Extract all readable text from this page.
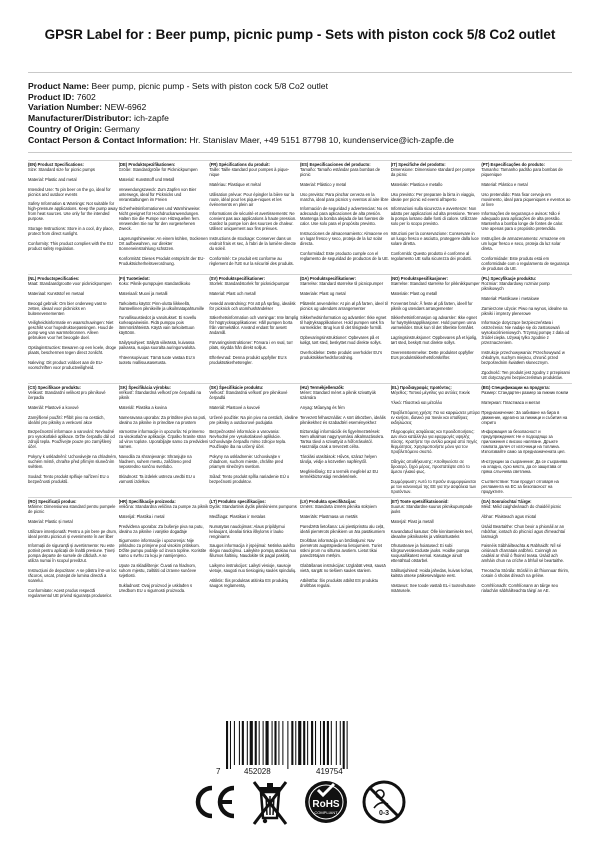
GPSR Label for : Beer pump, picnic pump - Sets with piston cock 5/8 Co2 outlet
Product Name: Beer pump, picnic pump - Sets with piston cock 5/8 Co2 outlet
Product ID: 7602
Variation Number: NEW-6962
Manufacturer/Distributor: ich-zapfe
Country of Origin: Germany
Contact Person & Contact Information: Hr. Stanislav Maer, +49 5151 87798 10, kundenservice@ich-zapfe.de
(EN) Product Specifications:

Size: Standard size for picnic pumps

Material: Plastic and metal

Intended Use: To pin beer on the go, ideal for picnics and outdoor events

Safety Information & Warnings: Not suitable for high-pressure applications. Keep the pump away from heat sources. Use only for the intended purpose.

Storage Instructions: Store in a cool, dry place, protect from direct sunlight.

Conformity: This product complies with the EU product safety regulation.

(DE) Produktspezifikationen:

Größe: Standardgröße für Picknickpumpen

Material: Kunststoff und Metall

Verwendungszweck: Zum Zapfen von Bier unterwegs, ideal für Picknicks und Veranstaltungen im Freien

Sicherheitsinformationen und Warnhinweise: Nicht geeignet für Hochdruckanwendungen. Halten Sie die Pumpe von Hitzequellen fern. Verwenden Sie nur für den vorgesehenen Zweck.

Lagerungshinweise: An einem kühlen, trockenen Ort aufbewahren, vor direkter Sonneneinstrahlung schützen.

Konformität: Dieses Produkt entspricht der EU-Produktsicherheitsverordnung.

(FR) Spécifications du produit:

Taille: Taille standard pour pompes à pique-nique

Matériau: Plastique et métal

Utilisation prévue: Pour épingler la bière sur la route, idéal pour les pique-niques et les événements en plein air

Informations de sécurité et avertissements: Ne convient pas aux applications à haute pression. Gardez la pompe loin des sources de chaleur. Utilisez uniquement aux fins prévues.

Instructions de stockage: Conserver dans un endroit frais et sec, à l'abri de la lumière directe du soleil.

Conformité: Ce produit est conforme au règlement de l'UE sur la sécurité des produits.

(ES) Especificaciones del producto:

Tamaño: Tamaño estándar para bombas de picnic

Material: Plástico y metal

Uso previsto: Para pinchar cerveza en la marcha, ideal para picnics y eventos al aire libre

Información de seguridad y advertencias: No es adecuado para aplicaciones de alta presión. Mantenga la bomba alejada de las fuentes de calor. Use solo para el propósito previsto.

Instrucciones de almacenamiento: Almacene en un lugar fresco y seco, proteja de la luz solar directa.

Conformidad: Este producto cumple con el reglamento de seguridad de productos de la UE.

(IT) Specifiche del prodotto:

Dimensione: Dimensione standard per pompe da picnic

Materiale: Plastica e metallo

Uso previsto: Per preparare la birra in viaggio, ideale per picnic ed eventi all'aperto

Informazioni sulla sicurezza e avvertenze: Non adatto per applicazioni ad alta pressione. Tenere la pompa lontano dalle fonti di calore. Utilizzare solo per lo scopo previsto.

Istruzioni per la conservazione: Conservare in un luogo fresco e asciutto, proteggere dalla luce solare diretta.

Conformità: Questo prodotto è conforme al regolamento UE sulla sicurezza dei prodotti.

(PT) Especificações do produto:

Tamanho: Tamanho padrão para bombas de piquenique

Material: Plástico e metal

Uso pretendido: Para fixar cerveja em movimento, ideal para piqueniques e eventos ao ar livre

Informações de segurança e avisos: Não é adequado para aplicações de alta pressão. Mantenha a bomba longe de fontes de calor. Use apenas para o propósito pretendido.

Instruções de armazenamento: Armazene em um lugar fresco e seco, proteja da luz solar direta.

Conformidade: Este produto está em conformidade com o regulamento de segurança de produtos da UE.

(NL) Productspecificaties:

Maat: Standaardgrootte voor picknickpompen

Materiaal: Kunststof en metaal

Beoogd gebruik: Om bier onderweg vast te zetten, ideaal voor picknicks en buitenevenementen

Veiligheidsinformatie en waarschuwingen: Niet geschikt voor hogedruktoepassingen. Houd de pomp weg van warmtebronnen. Alleen gebruiken voor het beoogde doel.

Opslaginstructies: Bewaren op een koele, droge plaats, beschermen tegen direct zonlicht.

Naleving: Dit product voldoet aan de EU-voorschriften voor productveiligheid.

(FI) Tuotetiedot:

Koko: Piknik-pumppujen standardikoko

Materiaali: Muovi ja metalli

Tarkoitettu käyttö: Pinn-olutta liikkeellä, ihanteellinen piknikeille ja ulkoilmatapahtumille

Turvallisuustiedot ja varoitukset: Ei sovellu korkeapaineisiin. Pidä pumppu pois lämmönlähteistä. Käytä vain tarkoitettuun käyttöön.

Säilytysohjeet: Säilytä viileässä, kuivassa paikassa, suojaa suoralta auringonvalolta.

Yhteensopivuus: Tämä tuote vastaa EU:n tuotetu rvallisuusasetusta.

(SV) Produktspecifikationer:

Storlek: Standardstorlek för picknickpumpar

Material: Plast och metall

Avsedd användning: För att på språng, idealisk för picknick och utomhushändelser

Säkerhetsinformation och varningar: Inte lämplig för högtrycksapplikationer. Håll pumpen borta från värmekällor. Använd endast för avsett ändamål.

Förvaringsinstruktioner: Förvara i en sval, torr plats, skydda från direkt solljus.

Efterlevnad: Denna produkt uppfyller EU:s produktsäkerhetsregler.

(DA) Produktspecifikationer:

Størrelse: Standard størrelse til picnicpumper

Materiale: Plast og metal

Påtænkt anvendelse: At pin øl på farten, ideel til picnics og udendørs arrangementer

Sikkerhedsinformation og advarsler: Ikke egnet til højtryksapplikationer. Hold pumpen væk fra varmekilder. Brug kun til det tilsigtede formål.

Opbevaringsinstruktioner: Opbevares på et køligt, tørt sted, beskyttet mod direkte sollys.

Overholdelse: Dette produkt overholder EU's produktsikkerhedsforordning.

(NO) Produktspesifikasjoner:

Størrelse: Standard størrelse for pikknikkpumper

Materiale: Plast og metall

Forventet bruk: Å feste øl på farten, ideell for piknik og utendørs arrangementer

Sikkerhetsinformasjon og advarsler: Ikke egnet for høytrykksapplikasjoner. Hold pumpen unna varmekilder. Bruk kun til det tiltenkte formålet.

Lagringsinstruksjoner: Oppbevares på et kjølig, tørt sted, beskytt mot direkte sollys.

Overensstemmelse: Dette produktet oppfyller EUs produktsikkerhetsforskrifter.

(PL) Specyfikacje produktu:

Rozmiar: Standardowy rozmiar pomp piknikowych

Materiał: Plastikowe i metalowe

Zamierzone użycie: Piwo na wynos, idealne na pikniki i imprezy plenerowe

Informacje dotyczące bezpieczeństwa i ostrzeżenia: Nie nadaje się do zastosowań wysokociśnieniowych. Trzymaj pompę z dala od źródeł ciepła. Używaj tylko zgodnie z przeznaczeniem.

Instrukcje przechowywania: Przechowywać w chłodnym, suchym miejscu, chronić przed bezpośrednim światłem słonecznym.

Zgodność: Ten produkt jest zgodny z przepisami UE dotyczącymi bezpieczeństwa produktów.

(CS) Specifikace produktu:

Velikost: Standardní velikost pro pikníkové čerpadla

Materiál: Plastové a kovové

Zamýšlené použití: Přibít pivo na cestách, ideální pro pikniky a venkovní akce

Bezpečnostní informace a varování: Nevhodné pro vysokotlaké aplikace. Držte čerpadlo dál od zdrojů tepla. Používejte pouze pro zamýšlený účel.

Pokyny k uskladnění: Uchovávejte na chladném, suchém místě, chraňte před přímým slunečním světlem.

Soulad: Tento produkt splňuje nařízení EU o bezpečnosti produktů.

(SK) Špecifikácia výrobku:

Veľkosť: Štandardná veľkosť pre čerpadlá na piknik

Materiál: Plastika a kovina

Nameravana uporaba: Za pritrditev piva na poti, idealno za piknike in prireditve na prostem

Varnostne informacije in opozorila: Ni primerno za visokotlačne aplikacije. Črpalko hranite stran od virov toplote. Uporabljajte samo za predvideni namen.

Navodila za shranjevanje: Shranjujte na hladnem, suhem mestu, zaščiteno pred neposredno sončno svetlobo.

Skladnost: Ta izdelek ustreza uredbi EU o varnosti izdelkov.

(SK) Špecifikácie produktu:

Veľkosť: Štandardná veľkosť pre piknikové čerpadlá

Materiál: Plastové a kovové

Určené použitie: Na pin pivo na cestách, ideálne pre pikniky a outdoorové podujatia

Bezpečnostné informácie a varovania: Nevhodné pre vysokotlakové aplikácie. Uchovávajte čerpadlo mimo zdrojov tepla. Používajte iba na určený účel.

Pokyny na uskladnenie: Uchovávajte v chladnom, suchom mieste, chráňte pred priamym slnečným svetlom.

Súlad: Tento produkt spĺňa nariadenie EÚ o bezpečnosti produktov.

(HU) Termékjellemzők:

Méret: Standard méret a piknik szivattyúk számára

Anyag: Műanyag és fém

Tervezett felhasználás: A sört útközben, ideális piknikekhez és szabadtéri eseményekhez

Biztonsági információk és figyelmeztetések: Nem alkalmas nagynyomású alkalmazásokra. Tartsa távol a szivattyút a hőforrásoktól. Használja csak a tervezett célra.

Tárolási utasítások: Hűvös, száraz helyen tárolja, védje a közvetlen napfénytől.

Megfelelőség: Ez a termék megfelel az EU termékbiztonsági rendeletének.

(EL) Προδιαγραφές προϊόντος:

Μέγεθος: Τυπικό μέγεθος για αντλίες πικνίκ

Υλικό: Πλαστικό και μέταλλο

Προβλεπόμενη χρήση: Για να καρφώσετε μπύρα εν κινήσει, ιδανικό για πικνίκ και υπαίθριες εκδηλώσεις

Πληροφορίες ασφάλειας και προειδοποιήσεις: Δεν είναι κατάλληλο για εφαρμογές υψηλής πίεσης. Κρατήστε την αντλία μακριά από πηγές θερμότητας. Χρησιμοποιήστε μόνο για τον προβλεπόμενο σκοπό.

Οδηγίες αποθήκευσης: Αποθηκεύστε σε δροσερό, ξηρό μέρος, προστατέψτε από το άμεσο ηλιακό φως.

Συμμόρφωση: Αυτό το προϊόν συμμορφώνεται με τον κανονισμό της ΕΕ για την ασφάλεια των προϊόντων.

(BG) Спецификации на продукта:

Размер: Стандартен размер за пикник помпи

Материал: Пластмаса и метал

Предназначение: За забиване на бира в движение, идеално за пикници и събития на открито

Информация за безопасност и предупреждения: Не е подходящо за приложения с високо налягане. Дръжте помпата далеч от източници на топлина. Използвайте само за предназначената цел.

Инструкции за съхранение: Да се съхранява на хладно, сухо място, да се защитава от пряка слънчева светлина.

Съответствие: Този продукт отговаря на регламента на ЕС за безопасност на продуктите.

(RO) Specificații produs:

Mărime: Dimensiunea standard pentru pompele de picnic

Material: Plastic și metal

Utilizare intenționată: Pentru a pin bere pe drum, ideal pentru picnicuri și evenimente în aer liber

Informații de siguranță și avertismente: Nu este potrivit pentru aplicații de înaltă presiune. Țineți pompa departe de sursele de căldură. A se utiliza numai în scopul prevăzut.

Instrucțiuni de depozitare: A se păstra într-un loc răcoros, uscat, protejat de lumina directă a soarelui.

Conformitate: Acest produs respectă regulamentul UE privind siguranța produselor.

(HR) Specifikacije proizvoda:

Veličina: Standardna veličina za pumpe za piknik

Materijal: Plastika i metal

Predviđena uporaba: Za bušenje piva na putu, idealno za piknike i vanjske događaje

Sigurnosne informacije i upozorenja: Nije prikladno za primjene pod visokim pritiskom. Držite pumpu podalje od izvora topline. Koristite samo u svrhu za koju je namijenjeno.

Upute za skladištenje: Čuvati na hladnom, suhom mjestu, zaštititi od izravne sunčeve svjetlosti.

Sukladnost: Ovaj proizvod je usklađen s Uredbom EU o sigurnosti proizvoda.

(LT) Produkto specifikacijos:

Dydis: Standartinis dydis piknikinėms pompoms

Medžiaga: Plastikas ir metalas

Numatytas naudojimas: Alaus pripildymui keliaujant, idealiai tinka iškyloms ir lauko renginiams

Saugos informacija ir įspėjimai: Netinka aukšto slėgio naudojimui. Laikykite pompą atokiau nuo šilumos šaltinių. Naudokite tik pagal paskirtį.

Laikymo instrukcijos: Laikyti vėsioje, sausoje vietoje, saugoti nuo tiesioginių saulės spindulių.

Atitiktis: Šis produktas atitinka ES produktų saugos reglamentą.

(LV) Produkta specifikācijas:

Izmērs: Standarta izmērs piknika sūkņiem

Materiāls: Plastmasa un metāls

Paredzētā lietošana: Lai piestiprinātu alu ceļā, ideāli piemērots piknikiem un āra pasākumiem

Drošības informācija un brīdinājumi: Nav piemērots augstspiediena lietojumiem. Turiet sūkni prom no siltuma avotiem. Lietot tikai paredzētajam mērķim.

Glabāšanas instrukcijas: Uzglabāt vēsā, sausā vietā, sargāt no tiešiem saules stariem.

Atbilstība: Šis produkts atbilst ES produktu drošības regulai.

(ET) Toote spetsifikatsioonid:

Suurus: Standardne suurus piknikupumpade jaoks

Materjal: Plast ja metall

Kavandatud kasutus: Õlle kinnitamiseks teel, ideaalne piknikuteks ja välisüritusteks

Ohutusteave ja hoiatused: Ei sobi kõrgsurverakenduste jaoks. Hoidke pumpa soojusallikatest eemal. Kasutage ainult ettenähtud otstarbel.

Säilitusjuhised: Hoida jahedas, kuivas kohas, kaitsta otsese päikesevalguse eest.

Vastavus: See toode vastab EL-i tooteohutuse määrusele.

(GA) Sonraíochtaí Táirge:

Méid: Méid caighdeánach do chaidéil picnic

Ábhar: Plaisteach agus miotal

Úsáid Beartaithe: Chun beoir a phionáil ar an mbóthar, iontach do phicnicí agus d'imeachtaí lasmuigh

Faisnéis Sábháilteachta & Rabhaidh: Níl sé oiriúnach d'iarratais ardbhrú. Coinnigh an caidéal ar shiúl ó fhoinsí teasa. Úsáid ach amháin chun na críche a bhfuil sé beartaithe.

Treoracha Stórála: Stóráil in áit fhionnuar thirim, cosain ó sholas díreach na gréine.

Comhlíonadh: Comhlíonann an táirge seo rialachán sábháilteachta táirgí an AE.

7	452028	419754
RoHS
COMPLIANT	0-3
